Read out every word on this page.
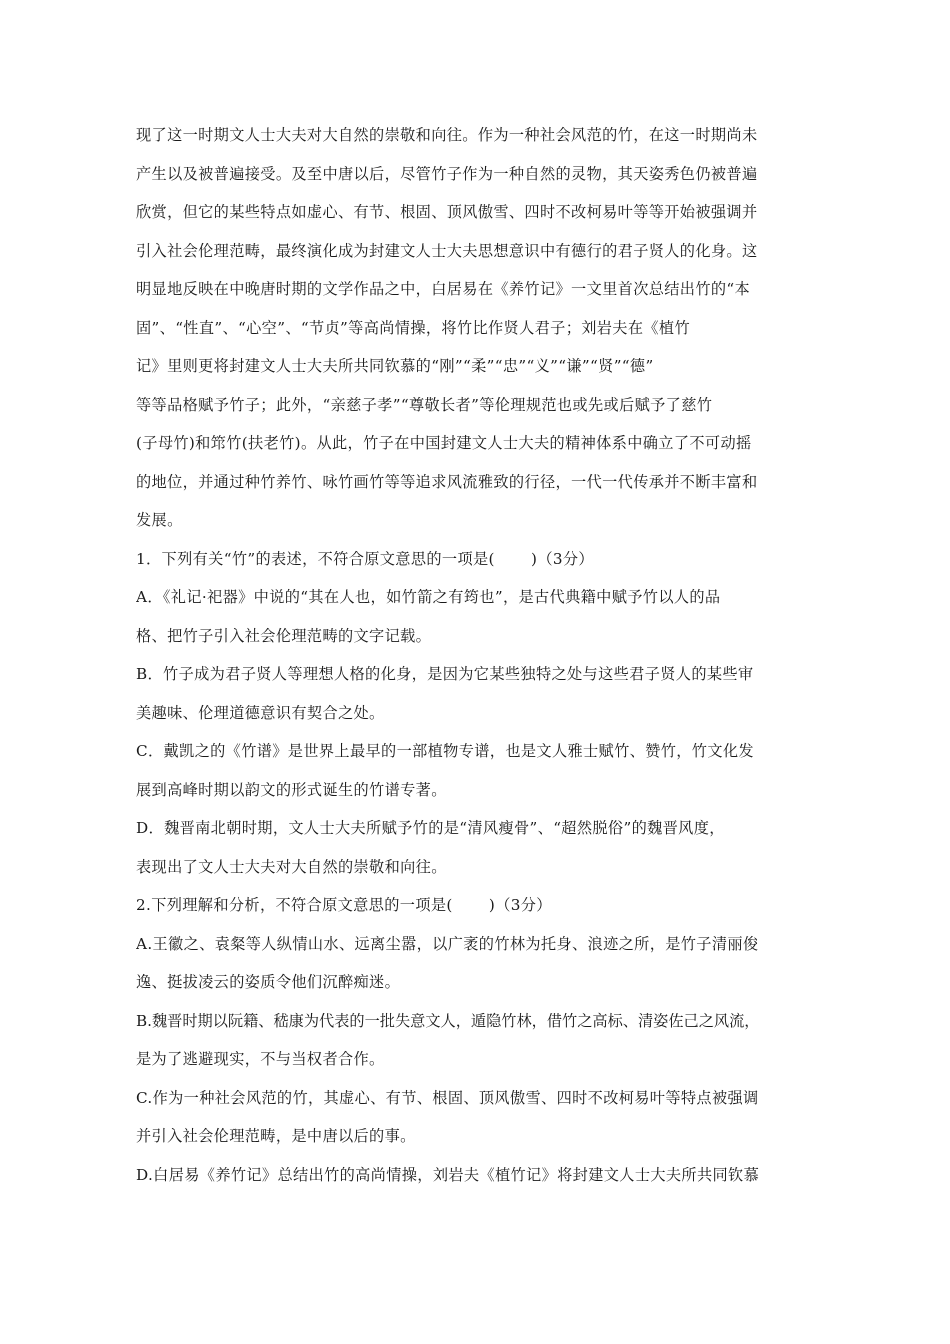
现了这一时期文人士大夫对大自然的崇敬和向往。作为一种社会风范的竹，在这一时期尚未
产生以及被普遍接受。及至中唐以后，尽管竹子作为一种自然的灵物，其天姿秀色仍被普遍
欣赏，但它的某些特点如虚心、有节、根固、顶风傲雪、四时不改柯易叶等等开始被强调并
引入社会伦理范畴，最终演化成为封建文人士大夫思想意识中有德行的君子贤人的化身。这
明显地反映在中晚唐时期的文学作品之中，白居易在《养竹记》一文里首次总结出竹的“本
固”、“性直”、“心空”、“节贞”等高尚情操，将竹比作贤人君子；刘岩夫在《植竹
记》里则更将封建文人士大夫所共同钦慕的“刚”“柔”“忠”“义”“谦”“贤”“德”
等等品格赋予竹子；此外，“亲慈子孝”“尊敬长者”等伦理规范也或先或后赋予了慈竹
(子母竹)和筇竹(扶老竹)。从此，竹子在中国封建文人士大夫的精神体系中确立了不可动摇
的地位，并通过种竹养竹、咏竹画竹等等追求风流雅致的行径，一代一代传承并不断丰富和
发展。
1．下列有关“竹”的表述，不符合原文意思的一项是(　　 )（3分）
A．《礼记·祀器》中说的“其在人也，如竹箭之有筠也”，是古代典籍中赋予竹以人的品
格、把竹子引入社会伦理范畴的文字记载。
B．竹子成为君子贤人等理想人格的化身，是因为它某些独特之处与这些君子贤人的某些审
美趣味、伦理道德意识有契合之处。
C．戴凯之的《竹谱》是世界上最早的一部植物专谱，也是文人雅士赋竹、赞竹，竹文化发
展到高峰时期以韵文的形式诞生的竹谱专著。
D．魏晋南北朝时期，文人士大夫所赋予竹的是“清风瘦骨”、“超然脱俗”的魏晋风度，
表现出了文人士大夫对大自然的崇敬和向往。
2.下列理解和分析，不符合原文意思的一项是(　　 )（3分）
A.王徽之、袁粲等人纵情山水、远离尘嚣，以广袤的竹林为托身、浪迹之所，是竹子清丽俊
逸、挺拔凌云的姿质令他们沉醉痴迷。
B.魏晋时期以阮籍、嵇康为代表的一批失意文人，遁隐竹林，借竹之高标、清姿佐己之风流，
是为了逃避现实，不与当权者合作。
C.作为一种社会风范的竹，其虚心、有节、根固、顶风傲雪、四时不改柯易叶等特点被强调
并引入社会伦理范畴，是中唐以后的事。
D.白居易《养竹记》总结出竹的高尚情操，刘岩夫《植竹记》将封建文人士大夫所共同钦慕
